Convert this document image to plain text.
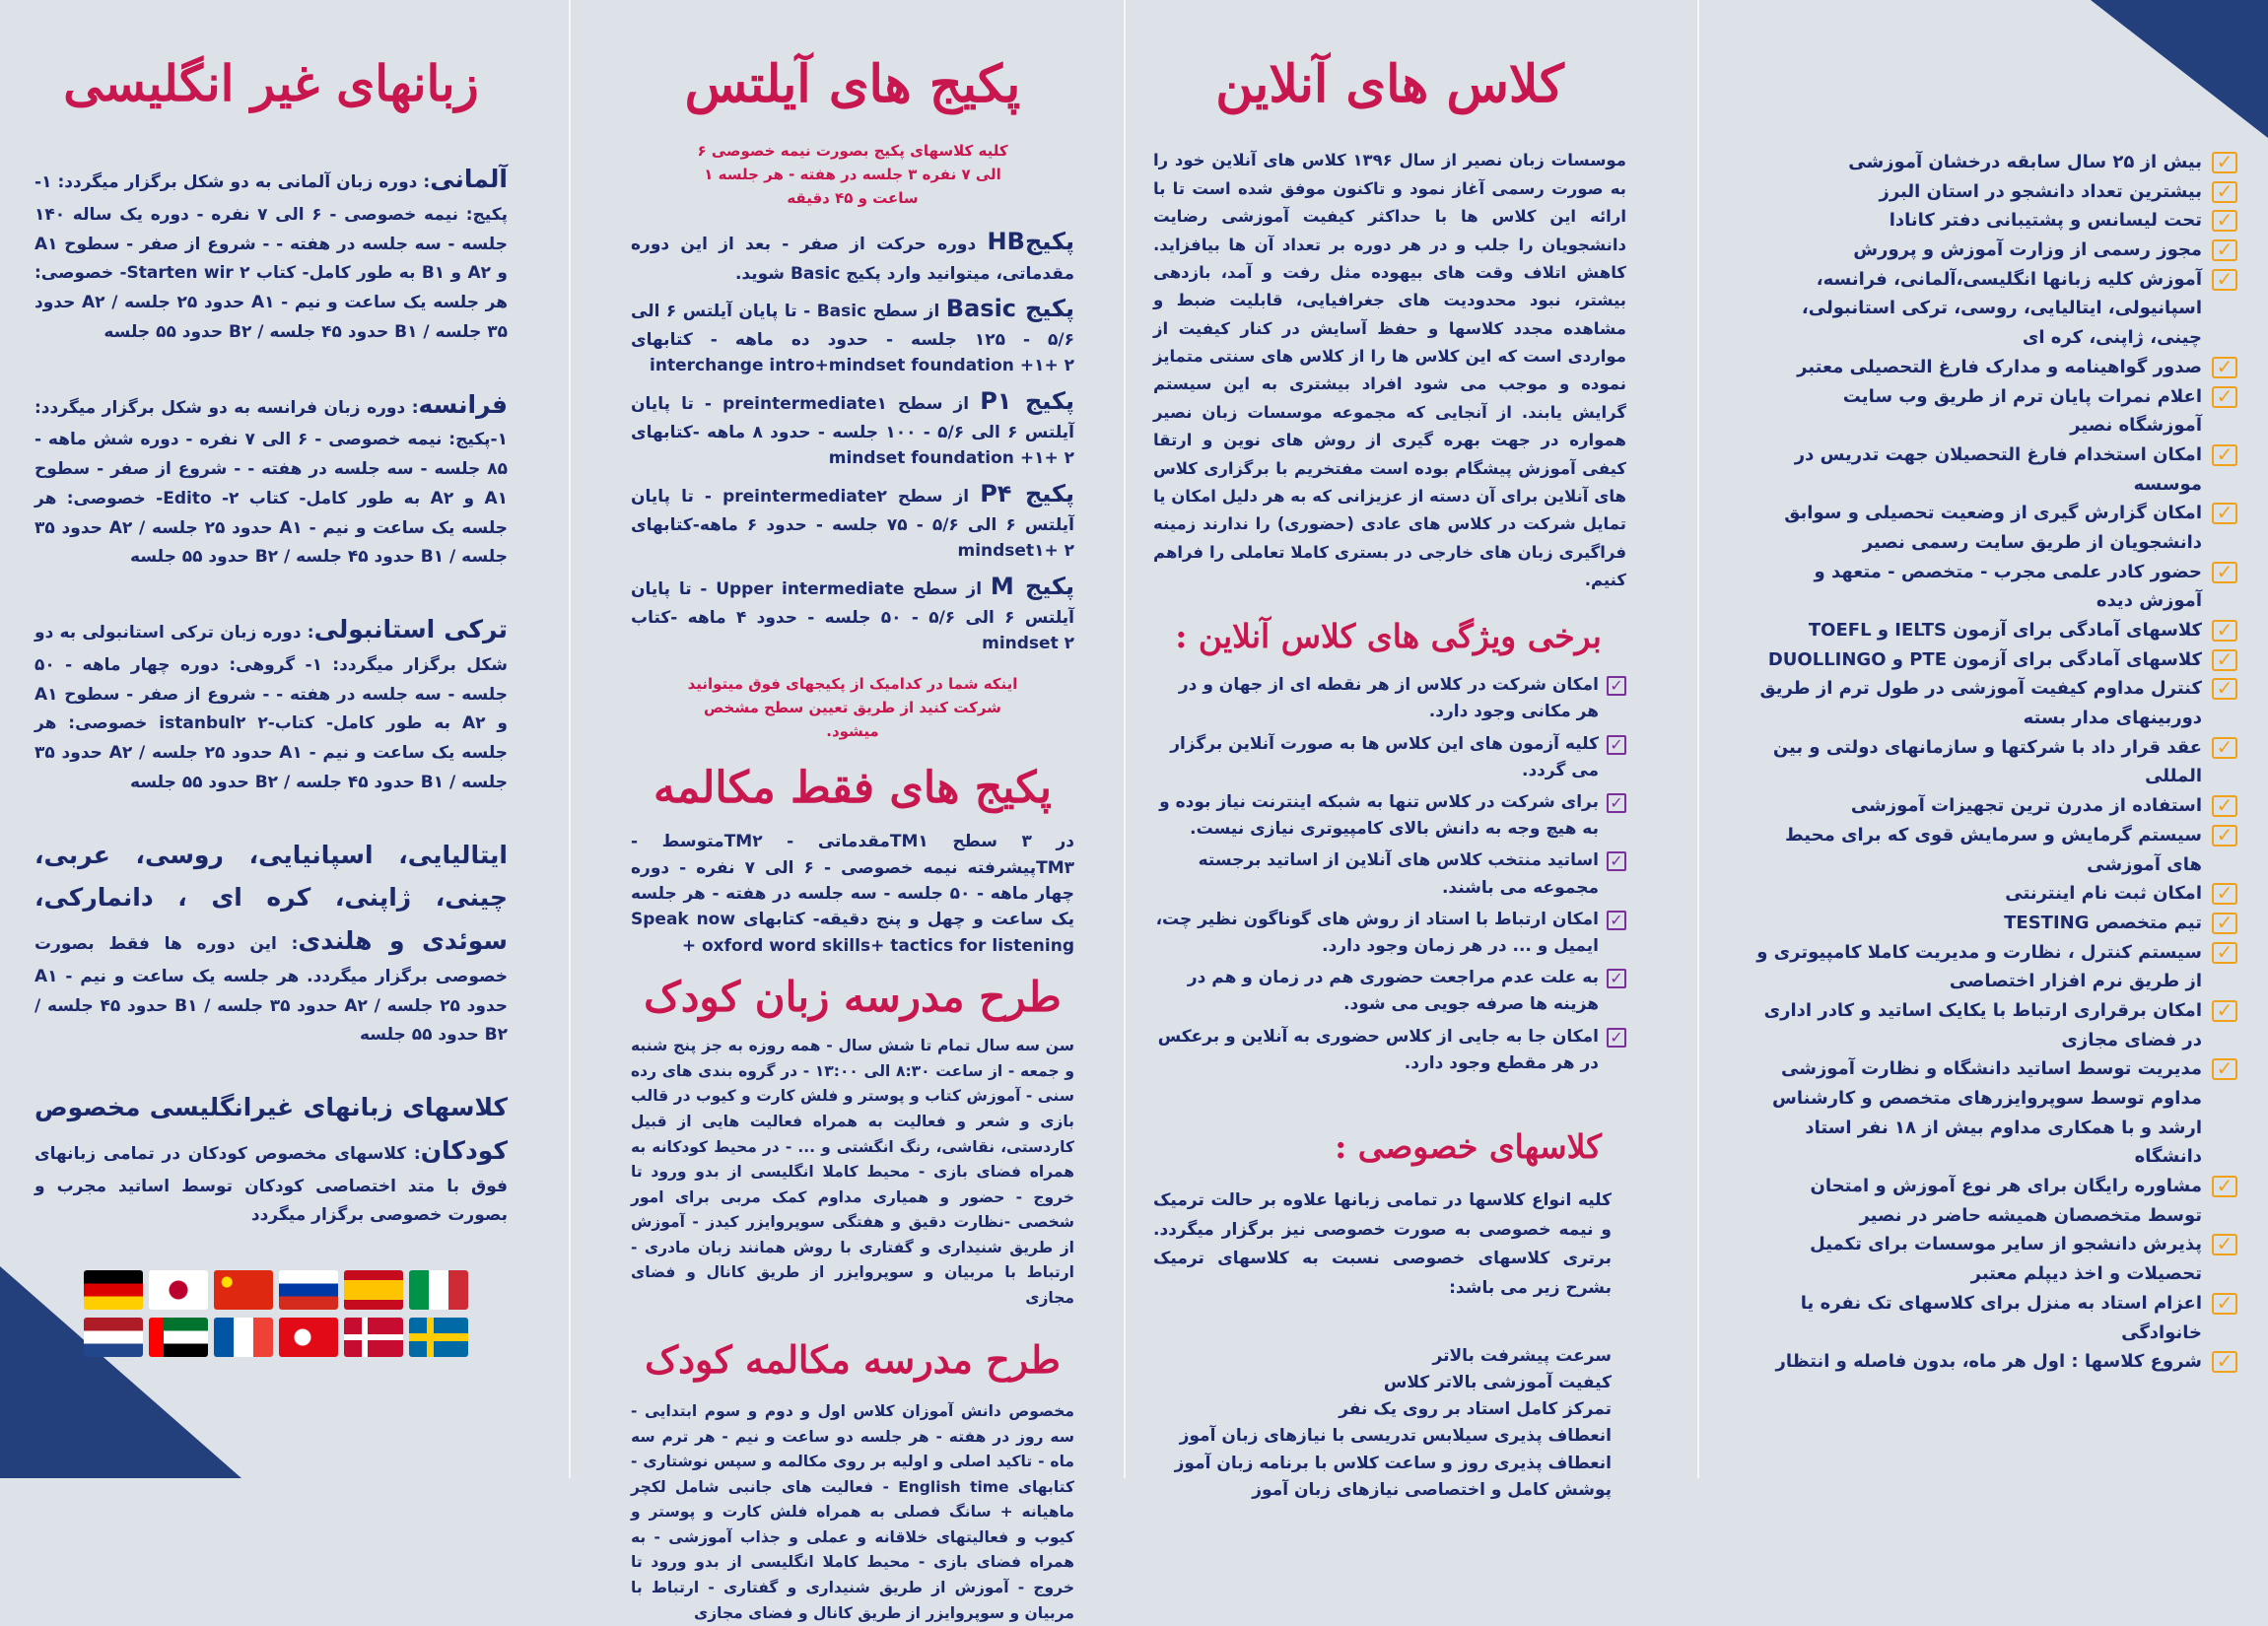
✓
بیش از ۲۵ سال سابقه درخشان آموزشی
✓
بیشترین تعداد دانشجو در استان البرز
✓
تحت لیسانس و پشتیبانی دفتر کانادا
✓
مجوز رسمی از وزارت آموزش و پرورش
✓
آموزش کلیه زبانها انگلیسی،آلمانی، فرانسه، اسپانیولی، ایتالیایی، روسی، ترکی استانبولی، چینی، ژاپنی، کره ای
✓
صدور گواهینامه و مدارک فارغ التحصیلی معتبر
✓
اعلام نمرات پایان ترم از طریق وب سایت آموزشگاه نصیر
✓
امکان استخدام فارغ التحصیلان جهت تدریس در موسسه
✓
امکان گزارش گیری از وضعیت تحصیلی و سوابق دانشجویان از طریق سایت رسمی نصیر
✓
حضور کادر علمی مجرب - متخصص - متعهد و آموزش دیده
✓
کلاسهای آمادگی برای آزمون IELTS و TOEFL
✓
کلاسهای آمادگی برای آزمون PTE و DUOLLINGO
✓
کنترل مداوم کیفیت آموزشی در طول ترم از طریق دوربینهای مدار بسته
✓
عقد قرار داد با شرکتها و سازمانهای دولتی و بین المللی
✓
استفاده از مدرن ترین تجهیزات آموزشی
✓
سیستم گرمایش و سرمایش قوی که برای محیط های آموزشی
✓
امکان ثبت نام اینترنتی
✓
تیم متخصص TESTING
✓
سیستم کنترل ، نظارت و مدیریت کاملا کامپیوتری و از طریق نرم افزار اختصاصی
✓
امکان برقراری ارتباط با یکایک اساتید و کادر اداری در فضای مجازی
✓
مدیریت توسط اساتید دانشگاه و نظارت آموزشی مداوم توسط سوپروایزرهای متخصص و کارشناس ارشد و با همکاری مداوم بیش از ۱۸ نفر استاد دانشگاه
✓
مشاوره رایگان برای هر نوع آموزش و امتحان توسط متخصصان همیشه حاضر در نصیر
✓
پذیرش دانشجو از سایر موسسات برای تکمیل تحصیلات و اخذ دیپلم معتبر
✓
اعزام استاد به منزل برای کلاسهای تک نفره یا خانوادگی
✓
شروع کلاسها : اول هر ماه، بدون فاصله و انتظار
کلاس های آنلاین
موسسات زبان نصیر از سال ۱۳۹۶ کلاس های آنلاین خود را به صورت رسمی آغاز نمود و تاکنون موفق شده است تا با ارائه این کلاس ها با حداکثر کیفیت آموزشی رضایت دانشجویان را جلب و در هر دوره بر تعداد آن ها بیافزاید. کاهش اتلاف وقت های بیهوده مثل رفت و آمد، بازدهی بیشتر، نبود محدودیت های جغرافیایی، قابلیت ضبط و مشاهده مجدد کلاسها و حفظ آسایش در کنار کیفیت از مواردی است که این کلاس ها را از کلاس های سنتی متمایز نموده و موجب می شود افراد بیشتری به این سیستم گرایش یابند. از آنجایی که مجموعه موسسات زبان نصیر همواره در جهت بهره گیری از روش های نوین و ارتقا کیفی آموزش پیشگام بوده است مفتخریم با برگزاری کلاس های آنلاین برای آن دسته از عزیزانی که به هر دلیل امکان یا تمایل شرکت در کلاس های عادی (حضوری) را ندارند زمینه فراگیری زبان های خارجی در بستری کاملا تعاملی را فراهم کنیم.
برخی ویژگی های کلاس آنلاین :
✓
امکان شرکت در کلاس از هر نقطه ای از جهان و در هر مکانی وجود دارد.
✓
کلیه آزمون های این کلاس ها به صورت آنلاین برگزار می گردد.
✓
برای شرکت در کلاس تنها به شبکه اینترنت نیاز بوده و به هیچ وجه به دانش بالای کامپیوتری نیازی نیست.
✓
اساتید منتخب کلاس های آنلاین از اساتید برجسته مجموعه می باشند.
✓
امکان ارتباط با استاد از روش های گوناگون نظیر چت، ایمیل و ... در هر زمان وجود دارد.
✓
به علت عدم مراجعت حضوری هم در زمان و هم در هزینه ها صرفه جویی می شود.
✓
امکان جا به جایی از کلاس حضوری به آنلاین و برعکس در هر مقطع وجود دارد.
کلاسهای خصوصی :
کلیه انواع کلاسها در تمامی زبانها علاوه بر حالت ترمیک و نیمه خصوصی به صورت خصوصی نیز برگزار میگردد. برتری کلاسهای خصوصی نسبت به کلاسهای ترمیک بشرح زیر می باشد:
سرعت پیشرفت بالاتر
کیفیت آموزشی بالاتر کلاس
تمرکز کامل استاد بر روی یک نفر
انعطاف پذیری سیلابس تدریسی با نیازهای زبان آموز
انعطاف پذیری روز و ساعت کلاس با برنامه زبان آموز
پوشش کامل و اختصاصی نیازهای زبان آموز
پکیج های آیلتس
کلیه کلاسهای پکیج بصورت نیمه خصوصی ۶ الی ۷ نفره ۳ جلسه در هفته - هر جلسه ۱ ساعت و ۴۵ دقیقه
پکیجHB دوره حرکت از صفر - بعد از این دوره مقدماتی، میتوانید وارد پکیج Basic شوید.
پکیج Basic از سطح Basic - تا پایان آیلتس ۶ الی ۵/۶ - ۱۲۵ جلسه - حدود ده ماهه - کتابهای interchange intro+mindset foundation +۱+ ۲
پکیج P۱ از سطح preintermediate۱ - تا پایان آیلتس ۶ الی ۵/۶ - ۱۰۰ جلسه - حدود ۸ ماهه -کتابهای mindset foundation +۱+ ۲
پکیج P۴ از سطح preintermediate۲ - تا پایان آیلتس ۶ الی ۵/۶ - ۷۵ جلسه - حدود ۶ ماهه-کتابهای mindset۱+ ۲
پکیج M از سطح Upper intermediate - تا پایان آیلتس ۶ الی ۵/۶ - ۵۰ جلسه - حدود ۴ ماهه -کتاب mindset ۲
اینکه شما در کدامیک از پکیجهای فوق میتوانید شرکت کنید از طریق تعیین سطح مشخص میشود.
پکیج های فقط مکالمه
در ۳ سطح TM۱مقدماتی - TM۲متوسط - TM۳پیشرفته نیمه خصوصی - ۶ الی ۷ نفره - دوره چهار ماهه - ۵۰ جلسه - سه جلسه در هفته - هر جلسه یک ساعت و چهل و پنج دقیقه- کتابهای Speak now + oxford word skills+ tactics for listening
طرح مدرسه زبان کودک
سن سه سال تمام تا شش سال - همه روزه به جز پنج شنبه و جمعه - از ساعت ۸:۳۰ الی ۱۳:۰۰ - در گروه بندی های رده سنی - آموزش کتاب و پوستر و فلش کارت و کیوب در قالب بازی و شعر و فعالیت به همراه فعالیت هایی از قبیل کاردستی، نقاشی، رنگ انگشتی و ... - در محیط کودکانه به همراه فضای بازی - محیط کاملا انگلیسی از بدو ورود تا خروج - حضور و همیاری مداوم کمک مربی برای امور شخصی -نظارت دقیق و هفتگی سوپروایزر کیدز - آموزش از طریق شنیداری و گفتاری با روش همانند زبان مادری - ارتباط با مربیان و سوپروایزر از طریق کانال و فضای مجازی
طرح مدرسه مکالمه کودک
مخصوص دانش آموزان کلاس اول و دوم و سوم ابتدایی - سه روز در هفته - هر جلسه دو ساعت و نیم - هر ترم سه ماه - تاکید اصلی و اولیه بر روی مکالمه و سپس نوشتاری - کتابهای English time - فعالیت های جانبی شامل لکچر ماهیانه + سانگ فصلی به همراه فلش کارت و پوستر و کیوب و فعالیتهای خلاقانه و عملی و جذاب آموزشی - به همراه فضای بازی - محیط کاملا انگلیسی از بدو ورود تا خروج - آموزش از طریق شنیداری و گفتاری - ارتباط با مربیان و سوپروایزر از طریق کانال و فضای مجازی
زبانهای غیر انگلیسی
آلمانی: دوره زبان آلمانی به دو شکل برگزار میگردد: ۱-پکیج: نیمه خصوصی - ۶ الی ۷ نفره - دوره یک ساله ۱۴۰ جلسه - سه جلسه در هفته - - شروع از صفر - سطوح A۱ و A۲ و B۱ به طور کامل- کتاب Starten wir ۲- خصوصی: هر جلسه یک ساعت و نیم - A۱ حدود ۲۵ جلسه / A۲ حدود ۳۵ جلسه / B۱ حدود ۴۵ جلسه / B۲ حدود ۵۵ جلسه
فرانسه: دوره زبان فرانسه به دو شکل برگزار میگردد: ۱-پکیج: نیمه خصوصی - ۶ الی ۷ نفره - دوره شش ماهه - ۸۵ جلسه - سه جلسه در هفته - - شروع از صفر - سطوح A۱ و A۲ به طور کامل- کتاب Edito -۲- خصوصی: هر جلسه یک ساعت و نیم - A۱ حدود ۲۵ جلسه / A۲ حدود ۳۵ جلسه / B۱ حدود ۴۵ جلسه / B۲ حدود ۵۵ جلسه
ترکی استانبولی: دوره زبان ترکی استانبولی به دو شکل برگزار میگردد: ۱- گروهی: دوره چهار ماهه - ۵۰ جلسه - سه جلسه در هفته - - شروع از صفر - سطوح A۱ و A۲ به طور کامل- کتاب-istanbul۲ ۲ خصوصی: هر جلسه یک ساعت و نیم - A۱ حدود ۲۵ جلسه / A۲ حدود ۳۵ جلسه / B۱ حدود ۴۵ جلسه / B۲ حدود ۵۵ جلسه
ایتالیایی، اسپانیایی، روسی، عربی، چینی، ژاپنی، کره ای ، دانمارکی، سوئدی و هلندی: این دوره ها فقط بصورت خصوصی برگزار میگردد. هر جلسه یک ساعت و نیم - A۱ حدود ۲۵ جلسه / A۲ حدود ۳۵ جلسه / B۱ حدود ۴۵ جلسه / B۲ حدود ۵۵ جلسه
کلاسهای زبانهای غیرانگلیسی مخصوص کودکان: کلاسهای مخصوص کودکان در تمامی زبانهای فوق با متد اختصاصی کودکان توسط اساتید مجرب و بصورت خصوصی برگزار میگردد
